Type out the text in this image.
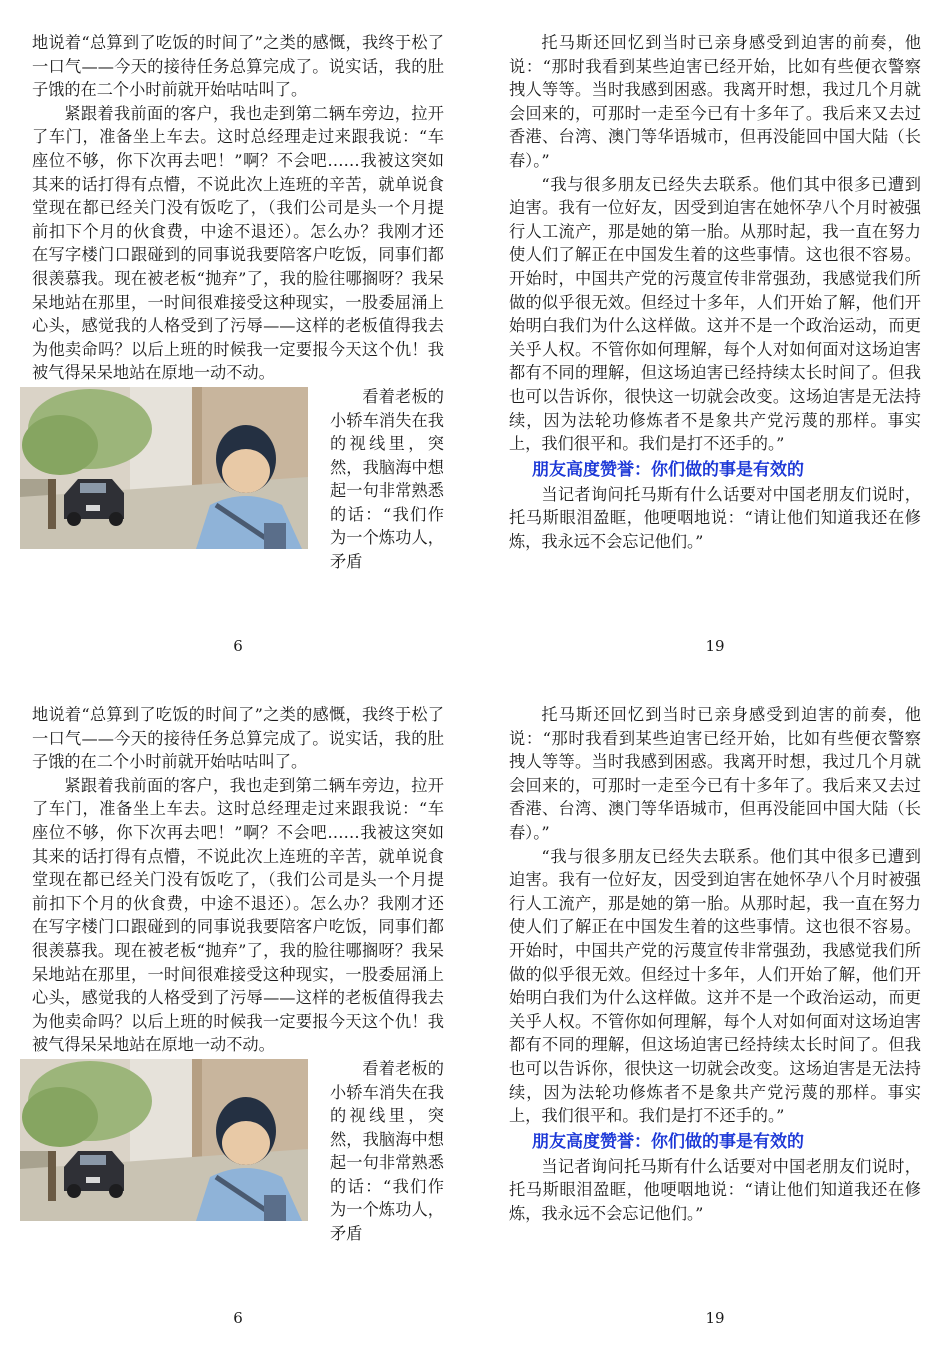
地说着“总算到了吃饭的时间了”之类的感慨，我终于松了一口气——今天的接待任务总算完成了。说实话，我的肚子饿的在二个小时前就开始咕咕叫了。

紧跟着我前面的客户，我也走到第二辆车旁边，拉开了车门，准备坐上车去。这时总经理走过来跟我说：“车座位不够，你下次再去吧！”啊？不会吧……我被这突如其来的话打得有点懵，不说此次上连班的辛苦，就单说食堂现在都已经关门没有饭吃了，（我们公司是头一个月提前扣下个月的伙食费，中途不退还）。怎么办？我刚才还在写字楼门口跟碰到的同事说我要陪客户吃饭，同事们都很羡慕我。现在被老板“抛弃”了，我的脸往哪搁呀？我呆呆地站在那里，一时间很难接受这种现实，一股委屈涌上心头，感觉我的人格受到了污辱——这样的老板值得我去为他卖命吗？以后上班的时候我一定要报今天这个仇！我被气得呆呆地站在原地一动不动。

看着老板的小轿车消失在我的视线里，突然，我脑海中想起一句非常熟悉的话：“我们作为一个炼功人，矛盾
6

托马斯还回忆到当时已亲身感受到迫害的前奏，他说：“那时我看到某些迫害已经开始，比如有些便衣警察拽人等等。当时我感到困惑。我离开时想，我过几个月就会回来的，可那时一走至今已有十多年了。我后来又去过香港、台湾、澳门等华语城市，但再没能回中国大陆（长春）。”

“我与很多朋友已经失去联系。他们其中很多已遭到迫害。我有一位好友，因受到迫害在她怀孕八个月时被强行人工流产，那是她的第一胎。从那时起，我一直在努力使人们了解正在中国发生着的这些事情。这也很不容易。开始时，中国共产党的污蔑宣传非常强劲，我感觉我们所做的似乎很无效。但经过十多年，人们开始了解，他们开始明白我们为什么这样做。这并不是一个政治运动，而更关乎人权。不管你如何理解，每个人对如何面对这场迫害都有不同的理解，但这场迫害已经持续太长时间了。但我也可以告诉你，很快这一切就会改变。这场迫害是无法持续，因为法轮功修炼者不是象共产党污蔑的那样。事实上，我们很平和。我们是打不还手的。”

朋友高度赞誉：你们做的事是有效的

当记者询问托马斯有什么话要对中国老朋友们说时，托马斯眼泪盈眶，他哽咽地说：“请让他们知道我还在修炼，我永远不会忘记他们。”

19

地说着“总算到了吃饭的时间了”之类的感慨，我终于松了一口气——今天的接待任务总算完成了。说实话，我的肚子饿的在二个小时前就开始咕咕叫了。

紧跟着我前面的客户，我也走到第二辆车旁边，拉开了车门，准备坐上车去。这时总经理走过来跟我说：“车座位不够，你下次再去吧！”啊？不会吧……我被这突如其来的话打得有点懵，不说此次上连班的辛苦，就单说食堂现在都已经关门没有饭吃了，（我们公司是头一个月提前扣下个月的伙食费，中途不退还）。怎么办？我刚才还在写字楼门口跟碰到的同事说我要陪客户吃饭，同事们都很羡慕我。现在被老板“抛弃”了，我的脸往哪搁呀？我呆呆地站在那里，一时间很难接受这种现实，一股委屈涌上心头，感觉我的人格受到了污辱——这样的老板值得我去为他卖命吗？以后上班的时候我一定要报今天这个仇！我被气得呆呆地站在原地一动不动。

看着老板的小轿车消失在我的视线里，突然，我脑海中想起一句非常熟悉的话：“我们作为一个炼功人，矛盾
6

托马斯还回忆到当时已亲身感受到迫害的前奏，他说：“那时我看到某些迫害已经开始，比如有些便衣警察拽人等等。当时我感到困惑。我离开时想，我过几个月就会回来的，可那时一走至今已有十多年了。我后来又去过香港、台湾、澳门等华语城市，但再没能回中国大陆（长春）。”

“我与很多朋友已经失去联系。他们其中很多已遭到迫害。我有一位好友，因受到迫害在她怀孕八个月时被强行人工流产，那是她的第一胎。从那时起，我一直在努力使人们了解正在中国发生着的这些事情。这也很不容易。开始时，中国共产党的污蔑宣传非常强劲，我感觉我们所做的似乎很无效。但经过十多年，人们开始了解，他们开始明白我们为什么这样做。这并不是一个政治运动，而更关乎人权。不管你如何理解，每个人对如何面对这场迫害都有不同的理解，但这场迫害已经持续太长时间了。但我也可以告诉你，很快这一切就会改变。这场迫害是无法持续，因为法轮功修炼者不是象共产党污蔑的那样。事实上，我们很平和。我们是打不还手的。”

朋友高度赞誉：你们做的事是有效的

当记者询问托马斯有什么话要对中国老朋友们说时，托马斯眼泪盈眶，他哽咽地说：“请让他们知道我还在修炼，我永远不会忘记他们。”

19
